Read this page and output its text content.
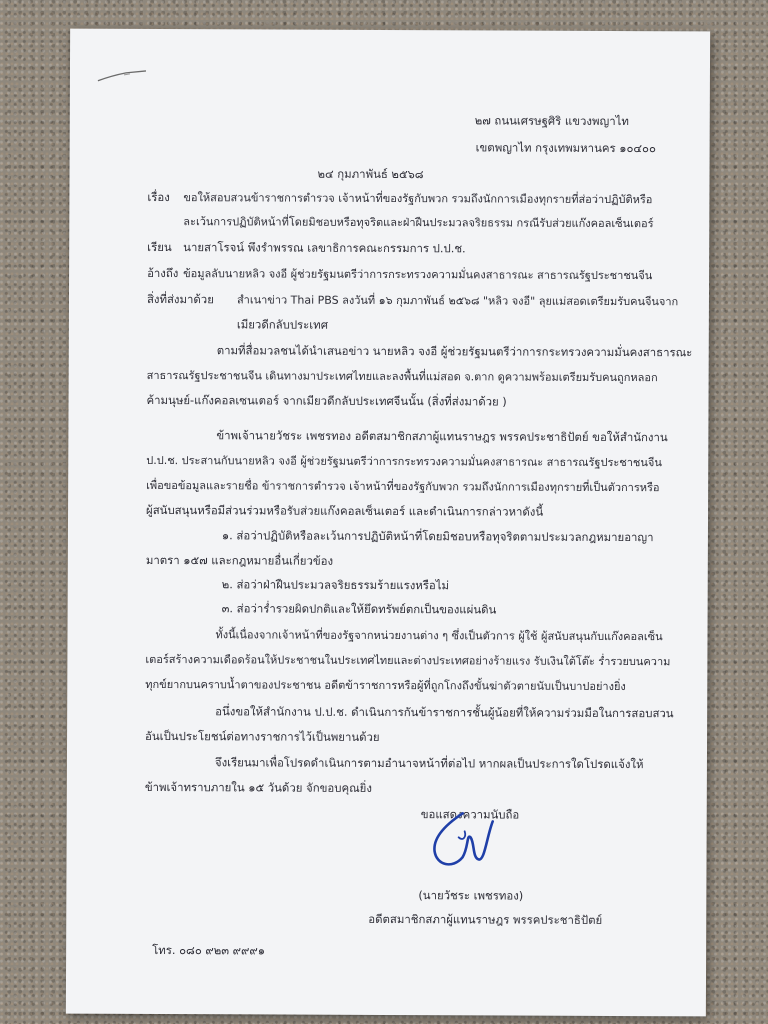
๒๗ ถนนเศรษฐศิริ แขวงพญาไท
เขตพญาไท กรุงเทพมหานคร ๑๐๔๐๐
๒๔ กุมภาพันธ์ ๒๕๖๘
เรื่อง ขอให้สอบสวนข้าราชการตำรวจ เจ้าหน้าที่ของรัฐกับพวก รวมถึงนักการเมืองทุกรายที่ส่อว่าปฏิบัติหรือ
ละเว้นการปฏิบัติหน้าที่โดยมิชอบหรือทุจริตและฝ่าฝืนประมวลจริยธรรม กรณีรับส่วยแก๊งคอลเซ็นเตอร์
เรียน นายสาโรจน์ พึงรำพรรณ เลขาธิการคณะกรรมการ ป.ป.ช.
อ้างถึง ข้อมูลลับนายหลิว จงอี ผู้ช่วยรัฐมนตรีว่าการกระทรวงความมั่นคงสาธารณะ สาธารณรัฐประชาชนจีน
สิ่งที่ส่งมาด้วย สำเนาข่าว Thai PBS ลงวันที่ ๑๖ กุมภาพันธ์ ๒๕๖๘ "หลิว จงอี" ลุยแม่สอดเตรียมรับคนจีนจาก
เมียวดีกลับประเทศ
ตามที่สื่อมวลชนได้นำเสนอข่าว นายหลิว จงอี ผู้ช่วยรัฐมนตรีว่าการกระทรวงความมั่นคงสาธารณะ
สาธารณรัฐประชาชนจีน เดินทางมาประเทศไทยและลงพื้นที่แม่สอด จ.ตาก ดูความพร้อมเตรียมรับคนถูกหลอก
ค้ามนุษย์-แก๊งคอลเซนเตอร์ จากเมียวดีกลับประเทศจีนนั้น (สิ่งที่ส่งมาด้วย )
ข้าพเจ้านายวัชระ เพชรทอง อดีตสมาชิกสภาผู้แทนราษฎร พรรคประชาธิปัตย์ ขอให้สำนักงาน
ป.ป.ช. ประสานกับนายหลิว จงอี ผู้ช่วยรัฐมนตรีว่าการกระทรวงความมั่นคงสาธารณะ สาธารณรัฐประชาชนจีน
เพื่อขอข้อมูลและรายชื่อ ข้าราชการตำรวจ เจ้าหน้าที่ของรัฐกับพวก รวมถึงนักการเมืองทุกรายที่เป็นตัวการหรือ
ผู้สนับสนุนหรือมีส่วนร่วมหรือรับส่วยแก๊งคอลเซ็นเตอร์ และดำเนินการกล่าวหาดังนี้
๑. ส่อว่าปฏิบัติหรือละเว้นการปฏิบัติหน้าที่โดยมิชอบหรือทุจริตตามประมวลกฎหมายอาญา
มาตรา ๑๕๗ และกฎหมายอื่นเกี่ยวข้อง
๒. ส่อว่าฝ่าฝืนประมวลจริยธรรมร้ายแรงหรือไม่
๓. ส่อว่าร่ำรวยผิดปกติและให้ยึดทรัพย์ตกเป็นของแผ่นดิน
ทั้งนี้เนื่องจากเจ้าหน้าที่ของรัฐจากหน่วยงานต่าง ๆ ซึ่งเป็นตัวการ ผู้ใช้ ผู้สนับสนุนกับแก๊งคอลเซ็น
เตอร์สร้างความเดือดร้อนให้ประชาชนในประเทศไทยและต่างประเทศอย่างร้ายแรง รับเงินใต้โต๊ะ ร่ำรวยบนความ
ทุกข์ยากบนคราบน้ำตาของประชาชน อดีตข้าราชการหรือผู้ที่ถูกโกงถึงขั้นฆ่าตัวตายนับเป็นบาปอย่างยิ่ง
อนึ่งขอให้สำนักงาน ป.ป.ช. ดำเนินการกันข้าราชการชั้นผู้น้อยที่ให้ความร่วมมือในการสอบสวน
อันเป็นประโยชน์ต่อทางราชการไว้เป็นพยานด้วย
จึงเรียนมาเพื่อโปรดดำเนินการตามอำนาจหน้าที่ต่อไป หากผลเป็นประการใดโปรดแจ้งให้
ข้าพเจ้าทราบภายใน ๑๕ วันด้วย จักขอบคุณยิ่ง
ขอแสดงความนับถือ
(นายวัชระ เพชรทอง)
อดีตสมาชิกสภาผู้แทนราษฎร พรรคประชาธิปัตย์
โทร. ๐๘๐ ๙๒๓ ๙๙๙๑
